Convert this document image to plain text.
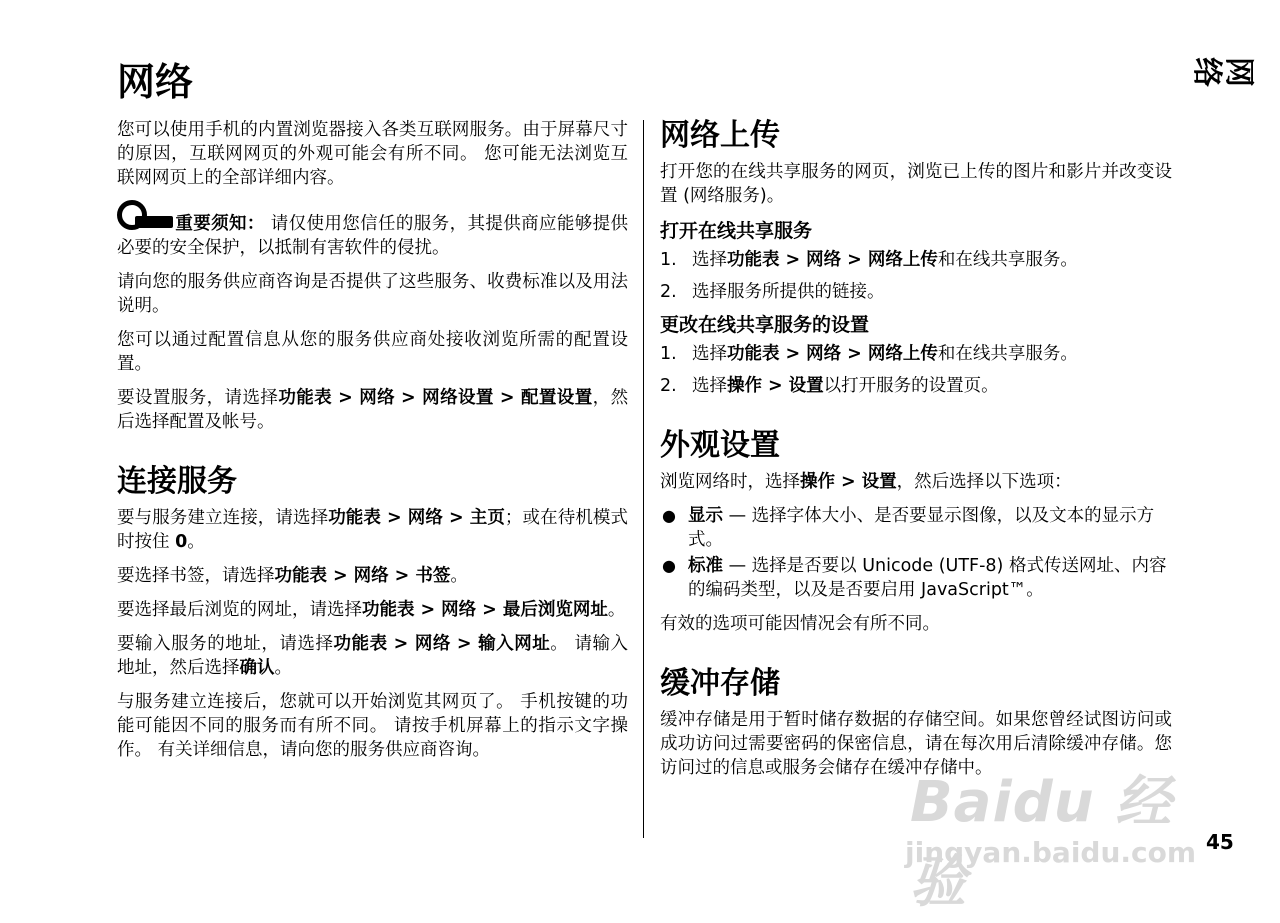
网络	网络

您可以使用手机的内置浏览器接入各类互联网服务。由于屏幕尺寸的原因，互联网网页的外观可能会有所不同。 您可能无法浏览互联网网页上的全部详细内容。

重要须知： 请仅使用您信任的服务，其提供商应能够提供必要的安全保护，以抵制有害软件的侵扰。

请向您的服务供应商咨询是否提供了这些服务、收费标准以及用法说明。

您可以通过配置信息从您的服务供应商处接收浏览所需的配置设置。

要设置服务，请选择功能表 > 网络 > 网络设置 > 配置设置，然后选择配置及帐号。

连接服务

要与服务建立连接，请选择功能表 > 网络 > 主页；或在待机模式时按住 0。

要选择书签，请选择功能表 > 网络 > 书签。

要选择最后浏览的网址，请选择功能表 > 网络 > 最后浏览网址。

要输入服务的地址，请选择功能表 > 网络 > 输入网址。 请输入地址，然后选择确认。

与服务建立连接后，您就可以开始浏览其网页了。 手机按键的功能可能因不同的服务而有所不同。 请按手机屏幕上的指示文字操作。 有关详细信息，请向您的服务供应商咨询。

网络上传

打开您的在线共享服务的网页，浏览已上传的图片和影片并改变设置 (网络服务)。

打开在线共享服务
1. 选择功能表 > 网络 > 网络上传和在线共享服务。
2. 选择服务所提供的链接。
更改在线共享服务的设置
1. 选择功能表 > 网络 > 网络上传和在线共享服务。
2. 选择操作 > 设置以打开服务的设置页。
外观设置

浏览网络时，选择操作 > 设置，然后选择以下选项：

● 显示 — 选择字体大小、是否要显示图像，以及文本的显示方式。
● 标准 — 选择是否要以 Unicode (UTF-8) 格式传送网址、内容的编码类型，以及是否要启用 JavaScript™。

有效的选项可能因情况会有所不同。

缓冲存储

缓冲存储是用于暂时储存数据的存储空间。如果您曾经试图访问或成功访问过需要密码的保密信息，请在每次用后清除缓冲存储。您访问过的信息或服务会储存在缓冲存储中。

45
Baidu 经验
jingyan.baidu.com
